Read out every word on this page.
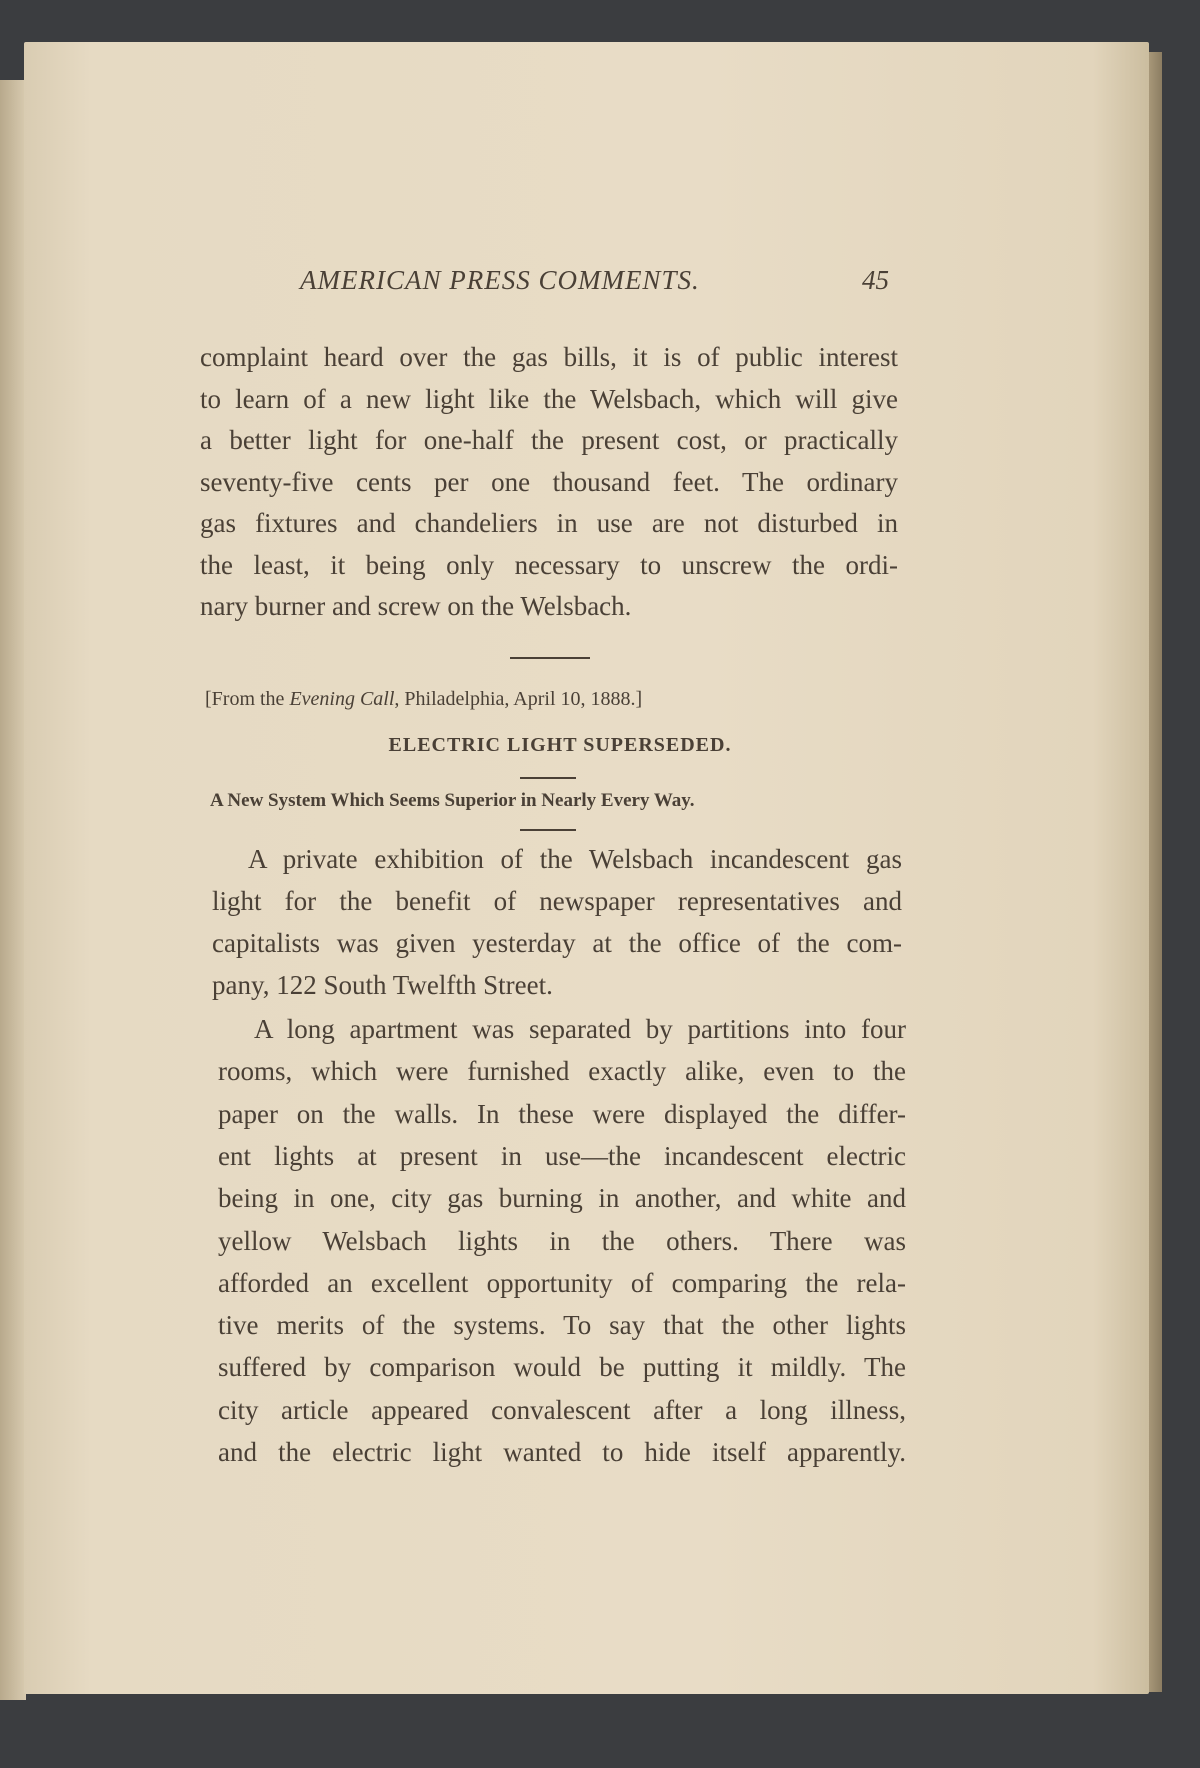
AMERICAN PRESS COMMENTS.	45
complaint heard over the gas bills, it is of public interest
to learn of a new light like the Welsbach, which will give
a better light for one-half the present cost, or practically
seventy-five cents per one thousand feet. The ordinary
gas fixtures and chandeliers in use are not disturbed in
the least, it being only necessary to unscrew the ordi-
nary burner and screw on the Welsbach.
[From the Evening Call, Philadelphia, April 10, 1888.]
ELECTRIC LIGHT SUPERSEDED.
A New System Which Seems Superior in Nearly Every Way.
A private exhibition of the Welsbach incandescent gas
light for the benefit of newspaper representatives and
capitalists was given yesterday at the office of the com-
pany, 122 South Twelfth Street.
A long apartment was separated by partitions into four
rooms, which were furnished exactly alike, even to the
paper on the walls. In these were displayed the differ-
ent lights at present in use—the incandescent electric
being in one, city gas burning in another, and white and
yellow Welsbach lights in the others. There was
afforded an excellent opportunity of comparing the rela-
tive merits of the systems. To say that the other lights
suffered by comparison would be putting it mildly. The
city article appeared convalescent after a long illness,
and the electric light wanted to hide itself apparently.
